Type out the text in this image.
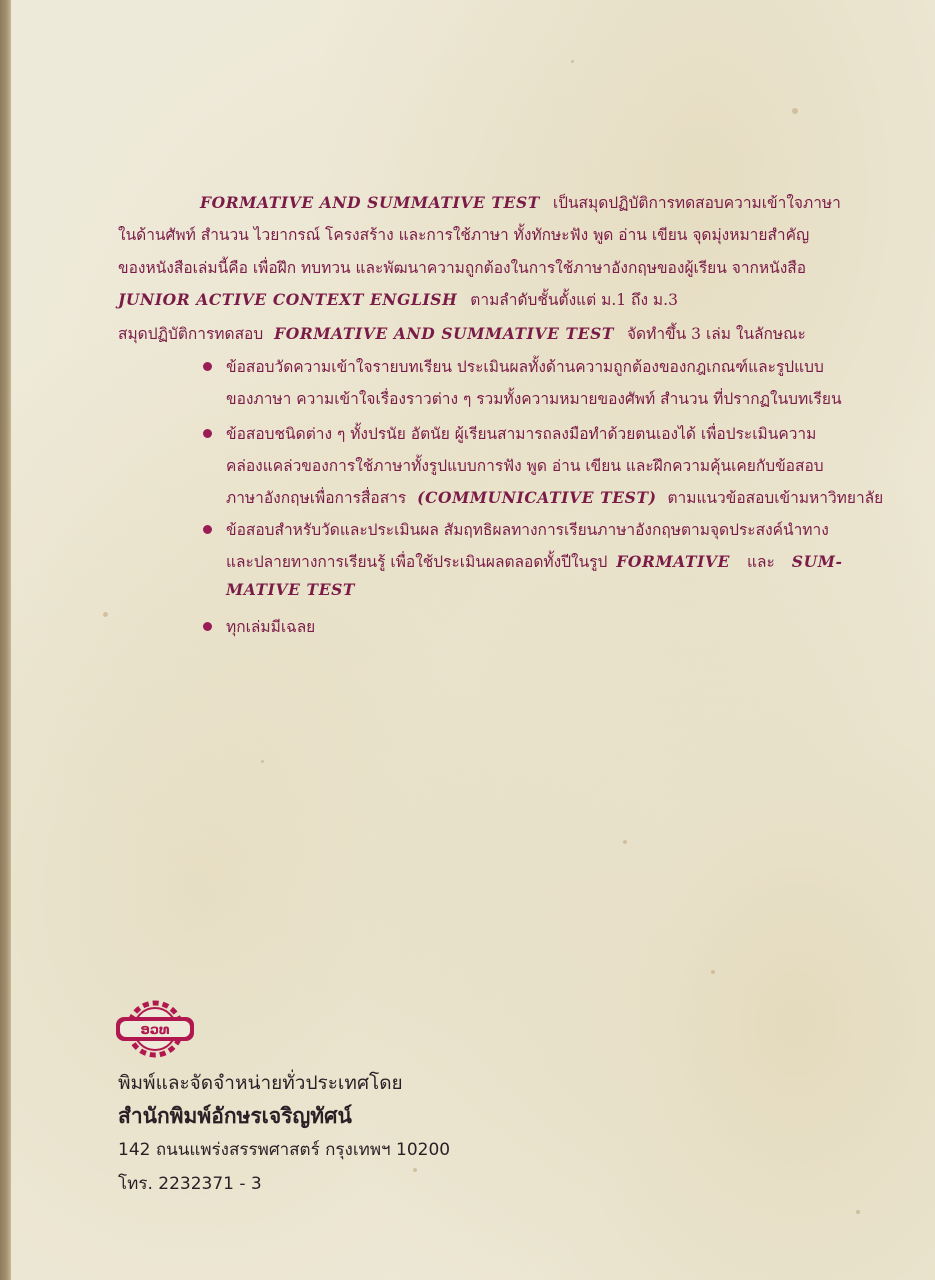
FORMATIVE AND SUMMATIVE TEST เป็นสมุดปฏิบัติการทดสอบความเข้าใจภาษา
ในด้านศัพท์ สำนวน ไวยากรณ์ โครงสร้าง และการใช้ภาษา ทั้งทักษะฟัง พูด อ่าน เขียน จุดมุ่งหมายสำคัญ
ของหนังสือเล่มนี้คือ เพื่อฝึก ทบทวน และพัฒนาความถูกต้องในการใช้ภาษาอังกฤษของผู้เรียน จากหนังสือ
JUNIOR ACTIVE CONTEXT ENGLISH ตามลำดับชั้นตั้งแต่ ม.1 ถึง ม.3
สมุดปฏิบัติการทดสอบ FORMATIVE AND SUMMATIVE TEST จัดทำขึ้น 3 เล่ม ในลักษณะ
ข้อสอบวัดความเข้าใจรายบทเรียน ประเมินผลทั้งด้านความถูกต้องของกฎเกณฑ์และรูปแบบ
ของภาษา ความเข้าใจเรื่องราวต่าง ๆ รวมทั้งความหมายของศัพท์ สำนวน ที่ปรากฏในบทเรียน
ข้อสอบชนิดต่าง ๆ ทั้งปรนัย อัตนัย ผู้เรียนสามารถลงมือทำด้วยตนเองได้ เพื่อประเมินความ
คล่องแคล่วของการใช้ภาษาทั้งรูปแบบการฟัง พูด อ่าน เขียน และฝึกความคุ้นเคยกับข้อสอบ
ภาษาอังกฤษเพื่อการสื่อสาร (COMMUNICATIVE TEST) ตามแนวข้อสอบเข้ามหาวิทยาลัย
ข้อสอบสำหรับวัดและประเมินผล สัมฤทธิผลทางการเรียนภาษาอังกฤษตามจุดประสงค์นำทาง
และปลายทางการเรียนรู้ เพื่อใช้ประเมินผลตลอดทั้งปีในรูป FORMATIVE และ SUM-
MATIVE TEST
ทุกเล่มมีเฉลย
ອວທ
พิมพ์และจัดจำหน่ายทั่วประเทศโดย
สำนักพิมพ์อักษรเจริญทัศน์
142 ถนนแพร่งสรรพศาสตร์ กรุงเทพฯ 10200
โทร. 2232371 - 3
